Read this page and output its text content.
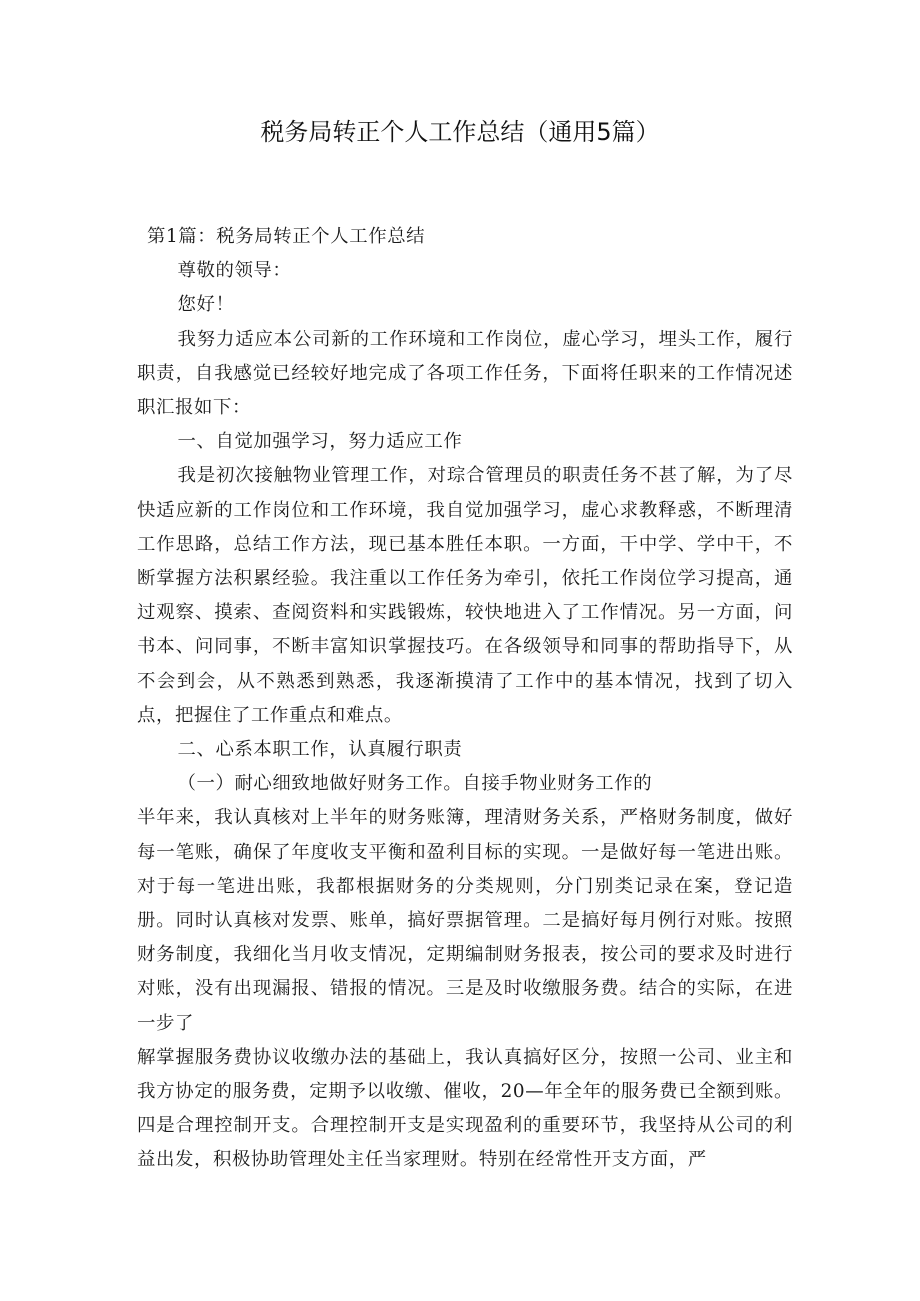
税务局转正个人工作总结（通用5篇）

第1篇：税务局转正个人工作总结

尊敬的领导：

您好！

我努力适应本公司新的工作环境和工作岗位，虚心学习，埋头工作，履行职责，自我感觉已经较好地完成了各项工作任务，下面将任职来的工作情况述职汇报如下：

一、自觉加强学习，努力适应工作

我是初次接触物业管理工作，对琮合管理员的职责任务不甚了解，为了尽快适应新的工作岗位和工作环境，我自觉加强学习，虚心求教释惑，不断理清工作思路，总结工作方法，现已基本胜任本职。一方面，干中学、学中干，不断掌握方法积累经验。我注重以工作任务为牵引，依托工作岗位学习提高，通过观察、摸索、查阅资料和实践锻炼，较快地进入了工作情况。另一方面，问书本、问同事，不断丰富知识掌握技巧。在各级领导和同事的帮助指导下，从不会到会，从不熟悉到熟悉，我逐渐摸清了工作中的基本情况，找到了切入点，把握住了工作重点和难点。

二、心系本职工作，认真履行职责

（一）耐心细致地做好财务工作。自接手物业财务工作的

半年来，我认真核对上半年的财务账簿，理清财务关系，严格财务制度，做好每一笔账，确保了年度收支平衡和盈利目标的实现。一是做好每一笔进出账。对于每一笔进出账，我都根据财务的分类规则，分门别类记录在案，登记造册。同时认真核对发票、账单，搞好票据管理。二是搞好每月例行对账。按照财务制度，我细化当月收支情况，定期编制财务报表，按公司的要求及时进行对账，没有出现漏报、错报的情况。三是及时收缴服务费。结合的实际，在进一步了

解掌握服务费协议收缴办法的基础上，我认真搞好区分，按照一公司、业主和我方协定的服务费，定期予以收缴、催收，20—年全年的服务费已全额到账。四是合理控制开支。合理控制开支是实现盈利的重要环节，我坚持从公司的利益出发，积极协助管理处主任当家理财。特别在经常性开支方面，严
